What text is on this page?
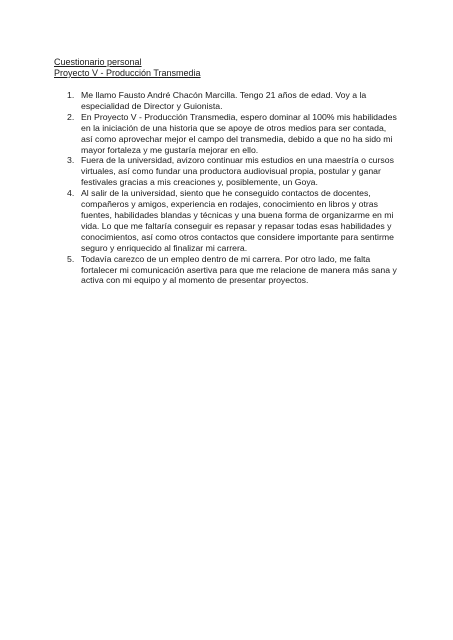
Cuestionario personal
Proyecto V - Producción Transmedia
1. Me llamo Fausto André Chacón Marcilla. Tengo 21 años de edad. Voy a la especialidad de Director y Guionista.
2. En Proyecto V - Producción Transmedia, espero dominar al 100% mis habilidades en la iniciación de una historia que se apoye de otros medios para ser contada, así como aprovechar mejor el campo del transmedia, debido a que no ha sido mi mayor fortaleza y me gustaría mejorar en ello.
3. Fuera de la universidad, avizoro continuar mis estudios en una maestría o cursos virtuales, así como fundar una productora audiovisual propia, postular y ganar festivales gracias a mis creaciones y, posiblemente, un Goya.
4. Al salir de la universidad, siento que he conseguido contactos de docentes, compañeros y amigos, experiencia en rodajes, conocimiento en libros y otras fuentes, habilidades blandas y técnicas y una buena forma de organizarme en mi vida. Lo que me faltaría conseguir es repasar y repasar todas esas habilidades y conocimientos, así como otros contactos que considere importante para sentirme seguro y enriquecido al finalizar mi carrera.
5. Todavía carezco de un empleo dentro de mi carrera. Por otro lado, me falta fortalecer mi comunicación asertiva para que me relacione de manera más sana y activa con mi equipo y al momento de presentar proyectos.
